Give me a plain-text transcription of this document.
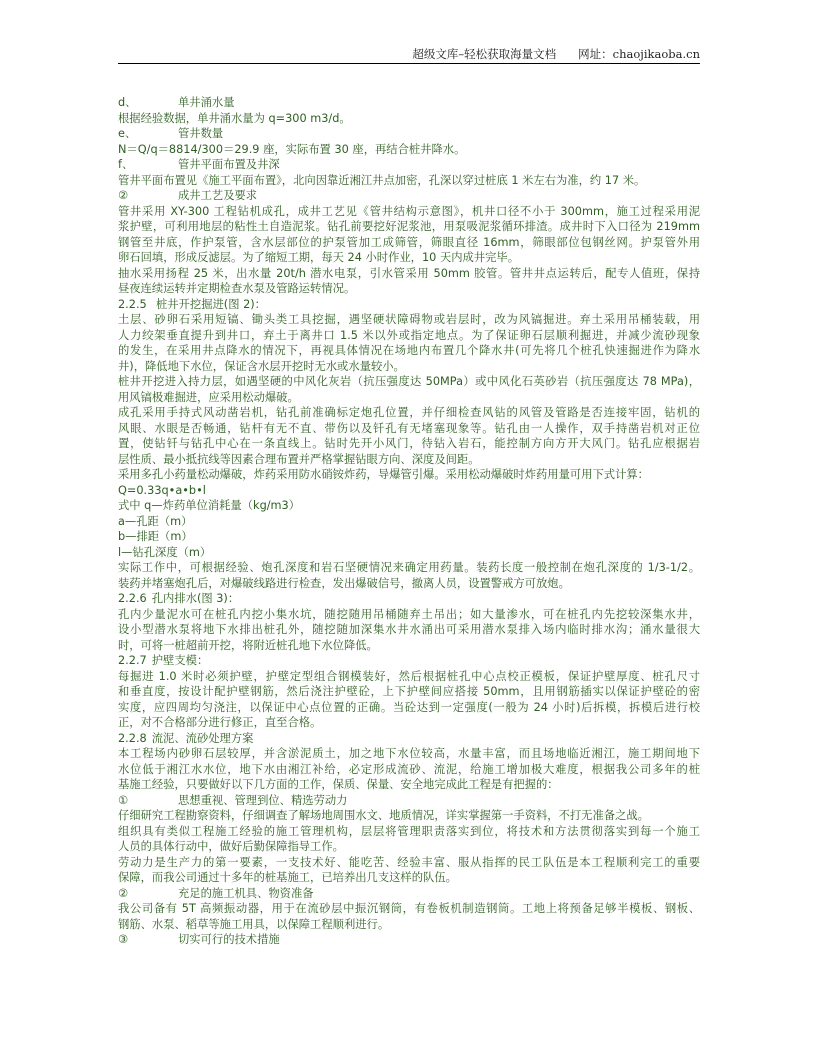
超级文库–轻松获取海量文档 网址：chaojikaoba.cn
d、	单井涌水量
根据经验数据，单井涌水量为 q=300 m3/d。
e、	管井数量
N＝Q/q＝8814/300＝29.9 座，实际布置 30 座，再结合桩井降水。
f、	管井平面布置及井深
管井平面布置见《施工平面布置》，北向因靠近湘江井点加密，孔深以穿过桩底 1 米左右为准，约 17 米。
②	成井工艺及要求
管井采用 XY-300 工程钻机成孔，成井工艺见《管井结构示意图》，机井口径不小于 300mm，施工过程采用泥
浆护壁，可利用地层的粘性土自造泥浆。钻孔前要挖好泥浆池，用泵吸泥浆循环排渣。成井时下入口径为 219mm
钢管至井底，作护泵管，含水层部位的护泵管加工成筛管，筛眼直径 16mm，筛眼部位包钢丝网。护泵管外用
卵石回填，形成反滤层。为了缩短工期，每天 24 小时作业，10 天内成井完毕。
抽水采用扬程 25 米，出水量 20t/h 潜水电泵，引水管采用 50mm 胶管。管井井点运转后，配专人值班，保持
昼夜连续运转并定期检查水泵及管路运转情况。
2.2.5 桩井开挖掘进(图 2)：
土层、砂卵石采用短镐、锄头类工具挖掘，遇坚硬状障碍物或岩层时，改为风镐掘进。弃土采用吊桶装载，用
人力绞架垂直提升到井口，弃土于离井口 1.5 米以外或指定地点。为了保证卵石层顺利掘进，并减少流砂现象
的发生，在采用井点降水的情况下，再视具体情况在场地内布置几个降水井(可先将几个桩孔快速掘进作为降水
井)，降低地下水位，保证含水层开挖时无水或水量较小。
桩井开挖进入持力层，如遇坚硬的中风化灰岩（抗压强度达 50MPa）或中风化石英砂岩（抗压强度达 78 MPa)，
用风镐极难掘进，应采用松动爆破。
成孔采用手持式风动凿岩机，钻孔前准确标定炮孔位置，并仔细检查风钻的风管及管路是否连接牢固，钻机的
风眼、水眼是否畅通，钻杆有无不直、带伤以及钎孔有无堵塞现象等。钻孔由一人操作，双手持凿岩机对正位
置，使钻钎与钻孔中心在一条直线上。钻时先开小风门，待钻入岩石，能控制方向方开大风门。钻孔应根据岩
层性质、最小抵抗线等因素合理布置并严格掌握钻眼方向、深度及间距。
采用多孔小药量松动爆破，炸药采用防水硝铵炸药，导爆管引爆。采用松动爆破时炸药用量可用下式计算：
Q=0.33q•a•b•l
式中 q—炸药单位消耗量（kg/m3）
a—孔距（m）
b—排距（m）
l—钻孔深度（m）
实际工作中，可根据经验、炮孔深度和岩石坚硬情况来确定用药量。装药长度一般控制在炮孔深度的 1/3-1/2。
装药并堵塞炮孔后，对爆破线路进行检查，发出爆破信号，撤离人员，设置警戒方可放炮。
2.2.6 孔内排水(图 3)：
孔内少量泥水可在桩孔内挖小集水坑，随挖随用吊桶随弃土吊出；如大量渗水，可在桩孔内先挖较深集水井，
设小型潜水泵将地下水排出桩孔外，随挖随加深集水井水涌出可采用潜水泵排入场内临时排水沟；涌水量很大
时，可将一桩超前开挖，将附近桩孔地下水位降低。
2.2.7 护壁支模：
每掘进 1.0 米时必须护壁，护壁定型组合钢模装好，然后根据桩孔中心点校正模板，保证护壁厚度、桩孔尺寸
和垂直度，按设计配护壁钢筋，然后浇注护壁砼，上下护壁间应搭接 50mm，且用钢筋插实以保证护壁砼的密
实度，应四周均匀浇注，以保证中心点位置的正确。当砼达到一定强度(一般为 24 小时)后拆模，拆模后进行校
正，对不合格部分进行修正，直至合格。
2.2.8 流泥、流砂处理方案
本工程场内砂卵石层较厚，并含淤泥质土，加之地下水位较高，水量丰富，而且场地临近湘江，施工期间地下
水位低于湘江水水位，地下水由湘江补给，必定形成流砂、流泥，给施工增加极大难度，根据我公司多年的桩
基施工经验，只要做好以下几方面的工作，保质、保量、安全地完成此工程是有把握的：
①	思想重视、管理到位、精选劳动力
仔细研究工程勘察资料，仔细调查了解场地周围水文、地质情况，详实掌握第一手资料，不打无准备之战。
组织具有类似工程施工经验的施工管理机构，层层将管理职责落实到位，将技术和方法贯彻落实到每一个施工
人员的具体行动中，做好后勤保障指导工作。
劳动力是生产力的第一要素，一支技术好、能吃苦、经验丰富、服从指挥的民工队伍是本工程顺利完工的重要
保障，而我公司通过十多年的桩基施工，已培养出几支这样的队伍。
②	充足的施工机具、物资准备
我公司备有 5T 高频振动器，用于在流砂层中振沉钢筒，有卷板机制造钢筒。工地上将预备足够半模板、钢板、
钢筋、水泵、稻草等施工用具，以保障工程顺利进行。
③	切实可行的技术措施
